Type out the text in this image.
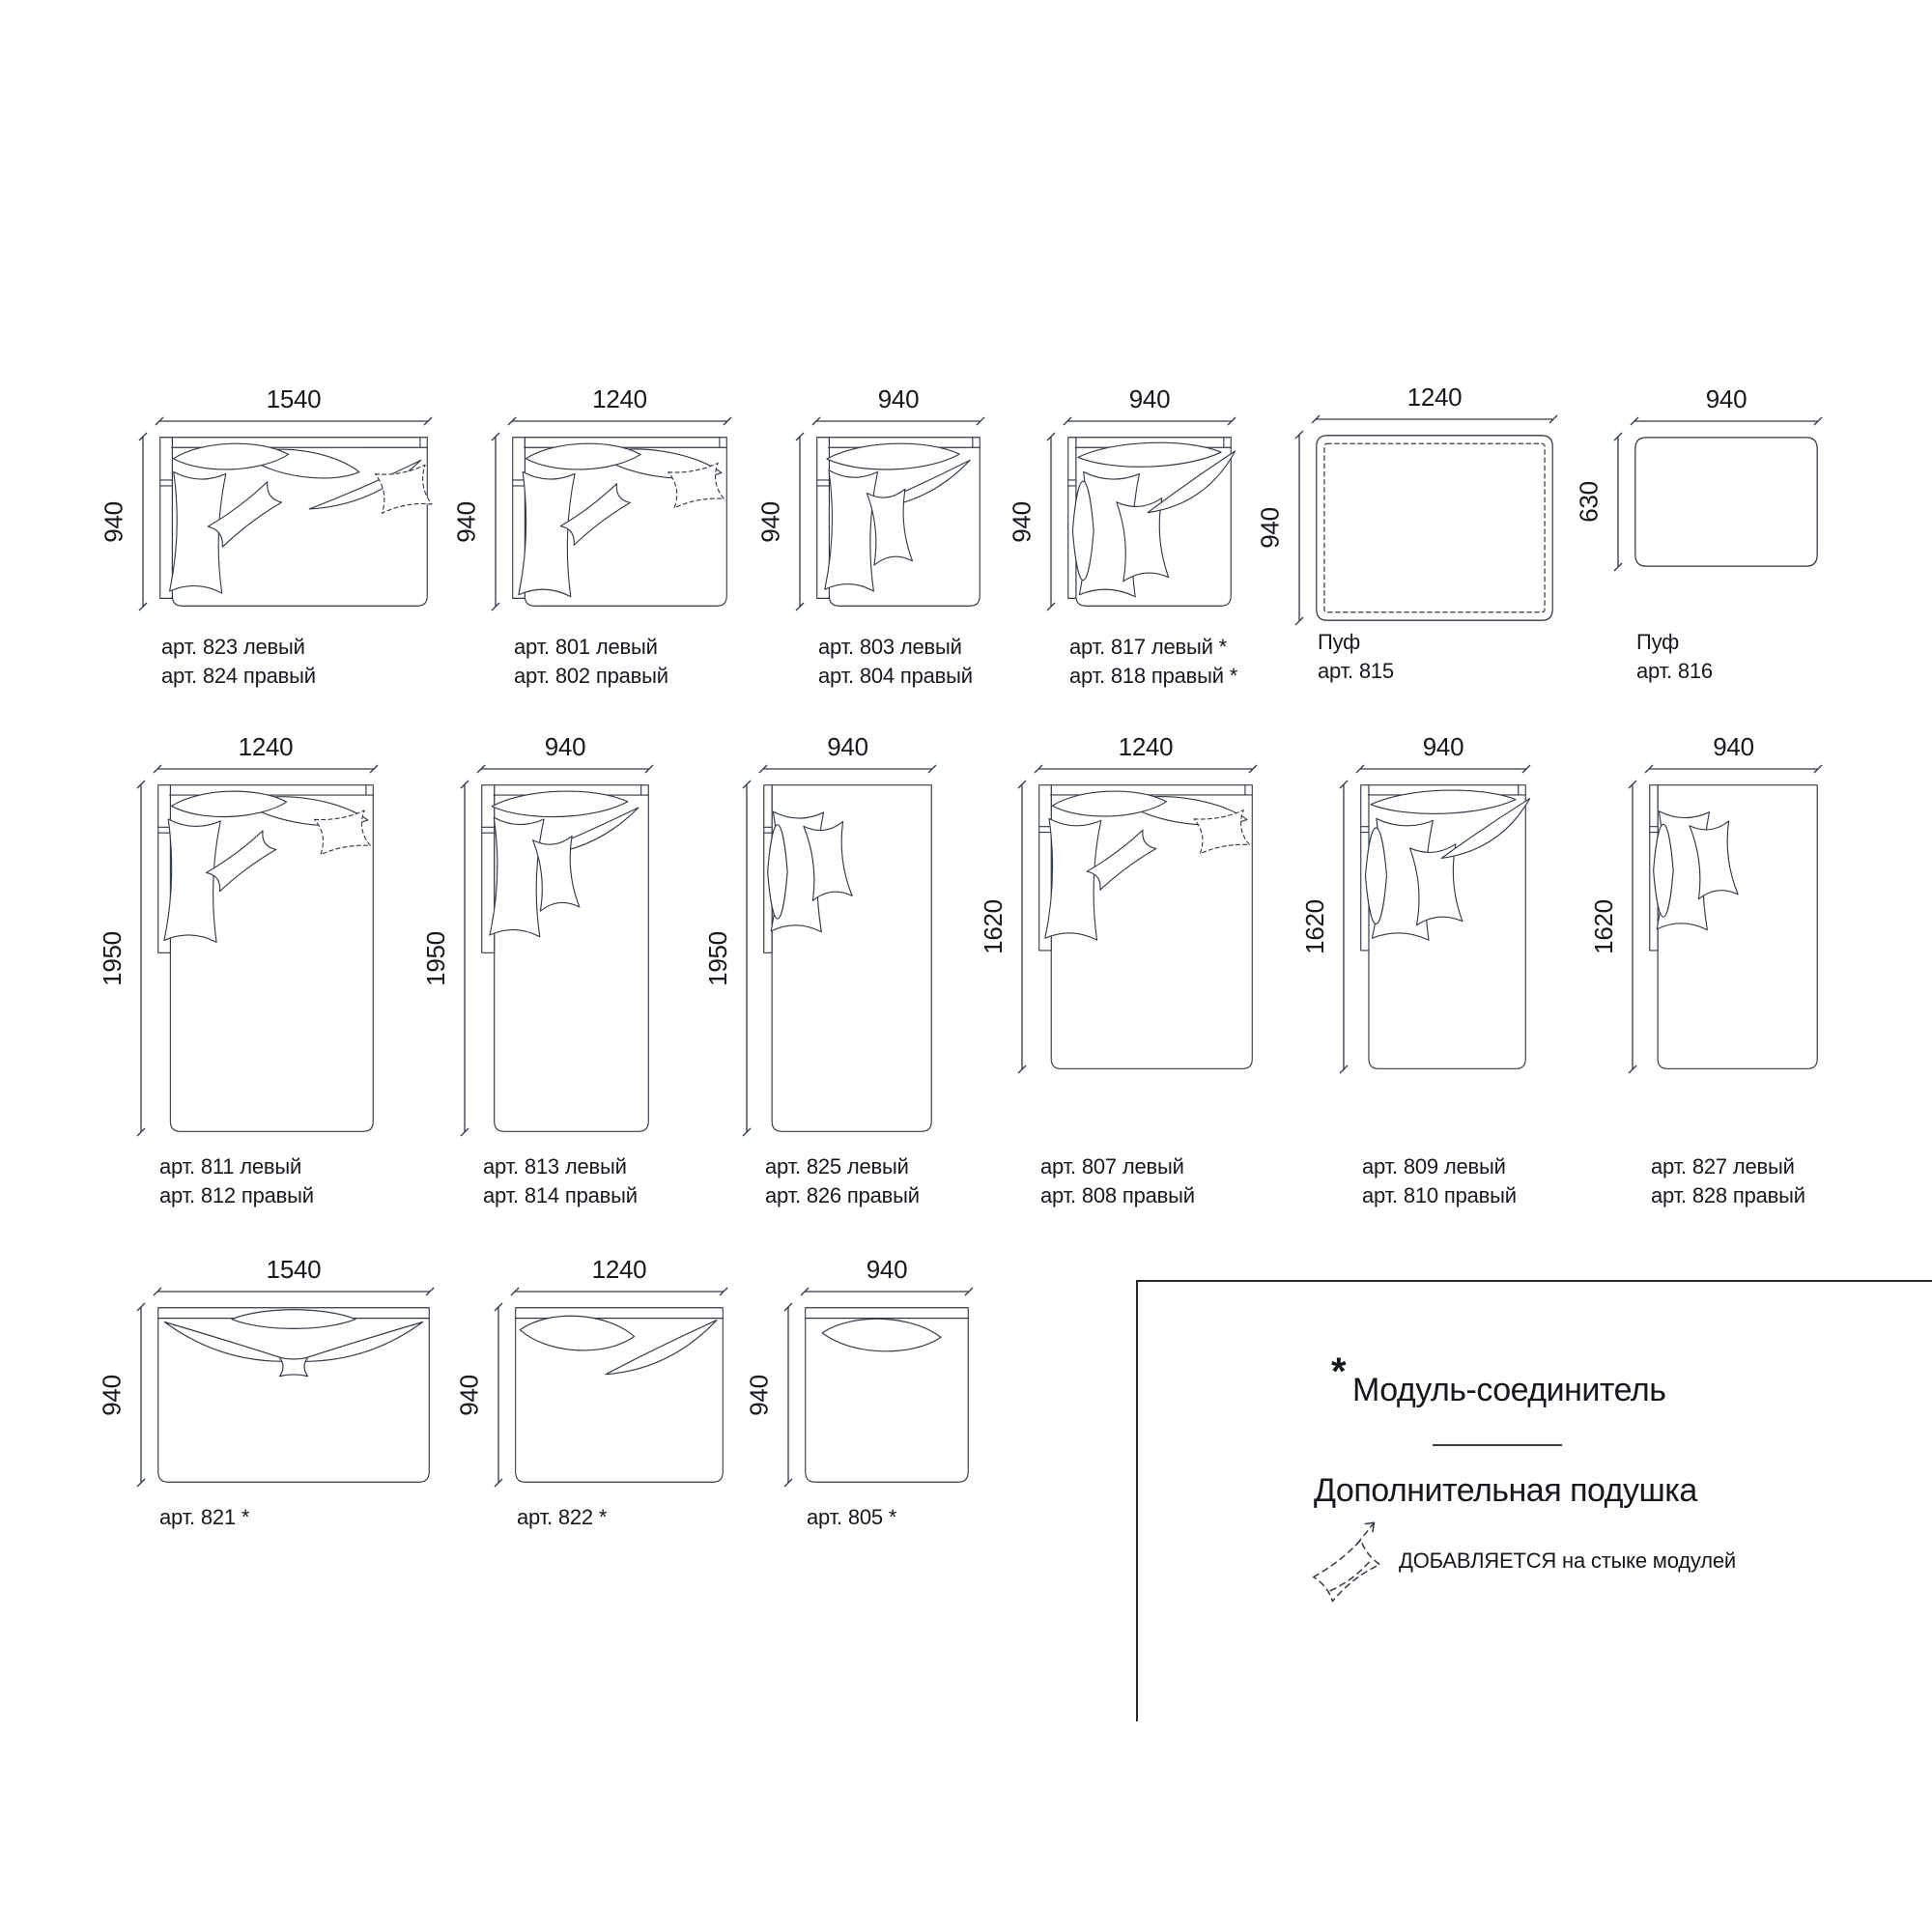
1540
940
арт. 823 левый
арт. 824 правый
1240
940
арт. 801 левый
арт. 802 правый
940
940
арт. 803 левый
арт. 804 правый
940
940
арт. 817 левый *
арт. 818 правый *
1240
940
Пуф
арт. 815
940
630
Пуф
арт. 816
1240
1950
арт. 811 левый
арт. 812 правый
940
1950
арт. 813 левый
арт. 814 правый
940
1950
арт. 825 левый
арт. 826 правый
1240
1620
арт. 807 левый
арт. 808 правый
940
1620
арт. 809 левый
арт. 810 правый
940
1620
арт. 827 левый
арт. 828 правый
1540
940
арт. 821 *
1240
940
арт. 822 *
940
940
арт. 805 *
* Модуль-соединитель
Дополнительная подушка
ДОБАВЛЯЕТСЯ на стыке модулей
